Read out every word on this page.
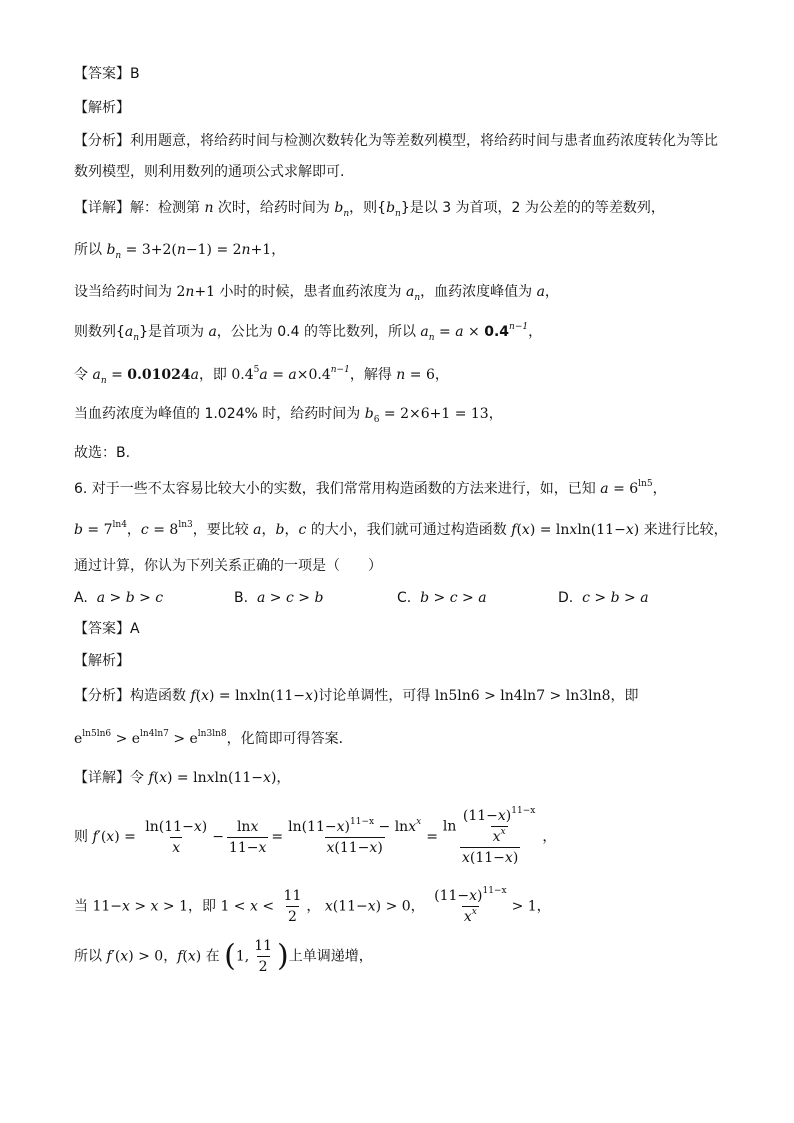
【答案】B
【解析】
【分析】利用题意，将给药时间与检测次数转化为等差数列模型，将给药时间与患者血药浓度转化为等比
数列模型，则利用数列的通项公式求解即可.
【详解】解：检测第 n 次时，给药时间为 $b_n$，则$\{b_n\}$是以 3 为首项，2 为公差的的等差数列，
所以 $b_n = 3+2(n-1) = 2n+1$，
设当给药时间为 2n+1 小时的时候，患者血药浓度为 $a_n$，血药浓度峰值为 a，
则数列$\{a_n\}$是首项为 a，公比为 0.4 的等比数列，所以 $a_n = a \times 0.4^{n-1}$，
令 $a_n = 0.01024a$，即 $0.4^5a = a\times 0.4^{n-1}$，解得 n = 6，
当血药浓度为峰值的 1.024% 时，给药时间为 $b_6 = 2\times 6+1 = 13$，
故选：B.
6. 对于一些不太容易比较大小的实数，我们常常用构造函数的方法来进行，如，已知 $a = 6^{ln5}$，
$b = 7^{ln4}$，$c = 8^{ln3}$，要比较 a，b，c 的大小，我们就可通过构造函数 f(x) = lnxln(11−x) 来进行比较，
通过计算，你认为下列关系正确的一项是（　　）
A.  a > b > c	B.  a > c > b	C.  b > c > a	D.  c > b > a
【答案】A
【解析】
【分析】构造函数 f(x) = lnxln(11−x)讨论单调性，可得 ln5ln6 > ln4ln7 > ln3ln8，即
$e^{ln5ln6} > e^{ln4ln7} > e^{ln3ln8}$，化简即可得答案．
【详解】令 f(x) = lnxln(11−x)，
则 $f'(x) = \frac{\ln(11-x)}{x} - \frac{\ln x}{11-x} = \frac{\ln(11-x)^{11-x} - \ln x^x}{x(11-x)} = \frac{\ln \frac{(11-x)^{11-x}}{x^x}}{x(11-x)}$ ，
当 11−x > x > 1，即 $1 < x < \frac{11}{2}$ ， x(11−x) > 0， $\frac{(11-x)^{11-x}}{x^x} > 1$，
所以 f′(x) > 0，f(x) 在 (1, $\frac{11}{2}$ )上单调递增，
